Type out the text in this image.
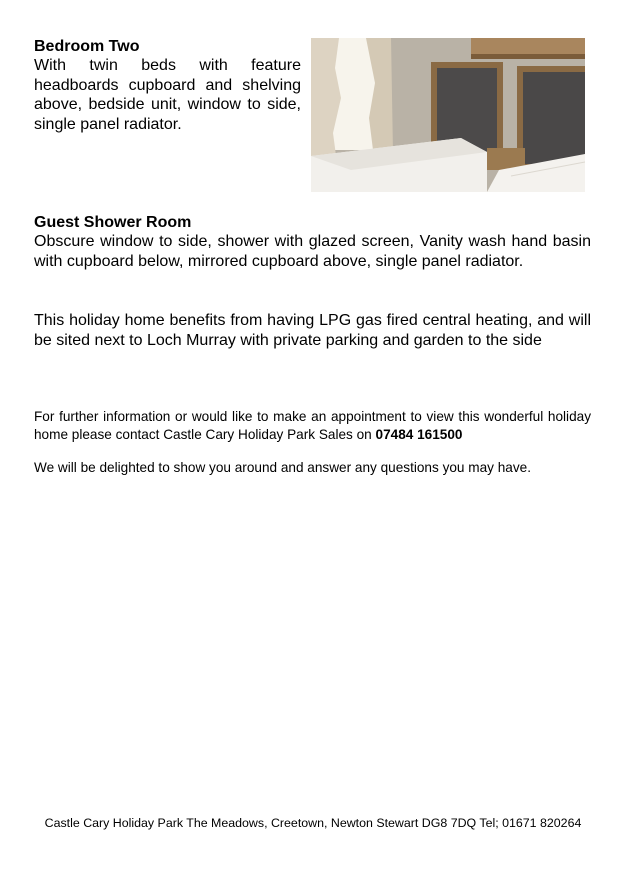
Bedroom Two
With twin beds with feature headboards cupboard and shelving above, bedside unit, window to side, single panel radiator.
Guest Shower Room
Obscure window to side, shower with glazed screen, Vanity wash hand basin with cupboard below, mirrored cupboard above, single panel radiator.
This holiday home benefits from having LPG gas fired central heating, and will be sited next to Loch Murray with private parking and garden to the side
For further information or would like to make an appointment to view this wonderful holiday home please contact Castle Cary Holiday Park Sales on 07484 161500
We will be delighted to show you around and answer any questions you may have.
Castle Cary Holiday Park The Meadows, Creetown, Newton Stewart DG8 7DQ Tel; 01671 820264
